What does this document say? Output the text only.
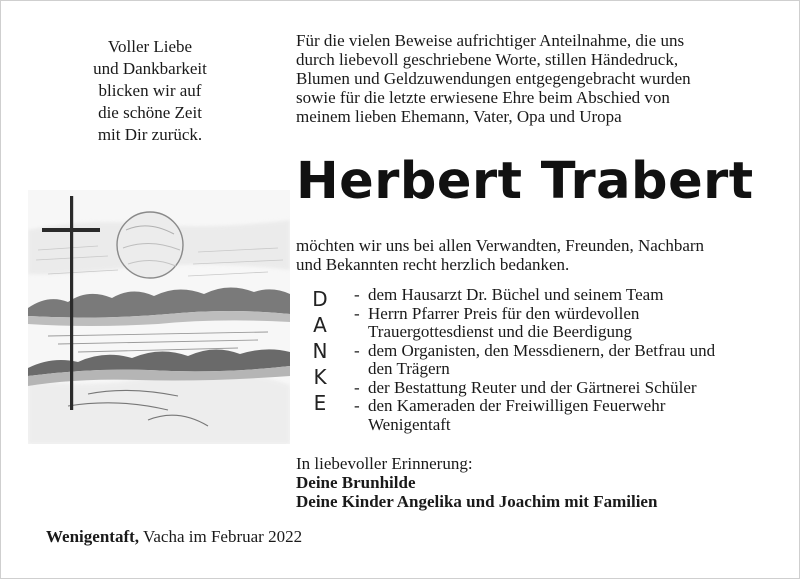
Voller Liebe
und Dankbarkeit
blicken wir auf
die schöne Zeit
mit Dir zurück.
Für die vielen Beweise aufrichtiger Anteilnahme, die uns
durch liebevoll geschriebene Worte, stillen Händedruck,
Blumen und Geldzuwendungen entgegengebracht wurden
sowie für die letzte erwiesene Ehre beim Abschied von
meinem lieben Ehemann, Vater, Opa und Uropa
Herbert Trabert
möchten wir uns bei allen Verwandten, Freunden, Nachbarn
und Bekannten recht herzlich bedanken.
D
A
N
K
E
- dem Hausarzt Dr. Büchel und seinem Team
- Herrn Pfarrer Preis für den würdevollen
Trauergottesdienst und die Beerdigung
- dem Organisten, den Messdienern, der Betfrau und
den Trägern
- der Bestattung Reuter und der Gärtnerei Schüler
- den Kameraden der Freiwilligen Feuerwehr
Wenigentaft
In liebevoller Erinnerung:
Deine Brunhilde
Deine Kinder Angelika und Joachim mit Familien
Wenigentaft, Vacha im Februar 2022
